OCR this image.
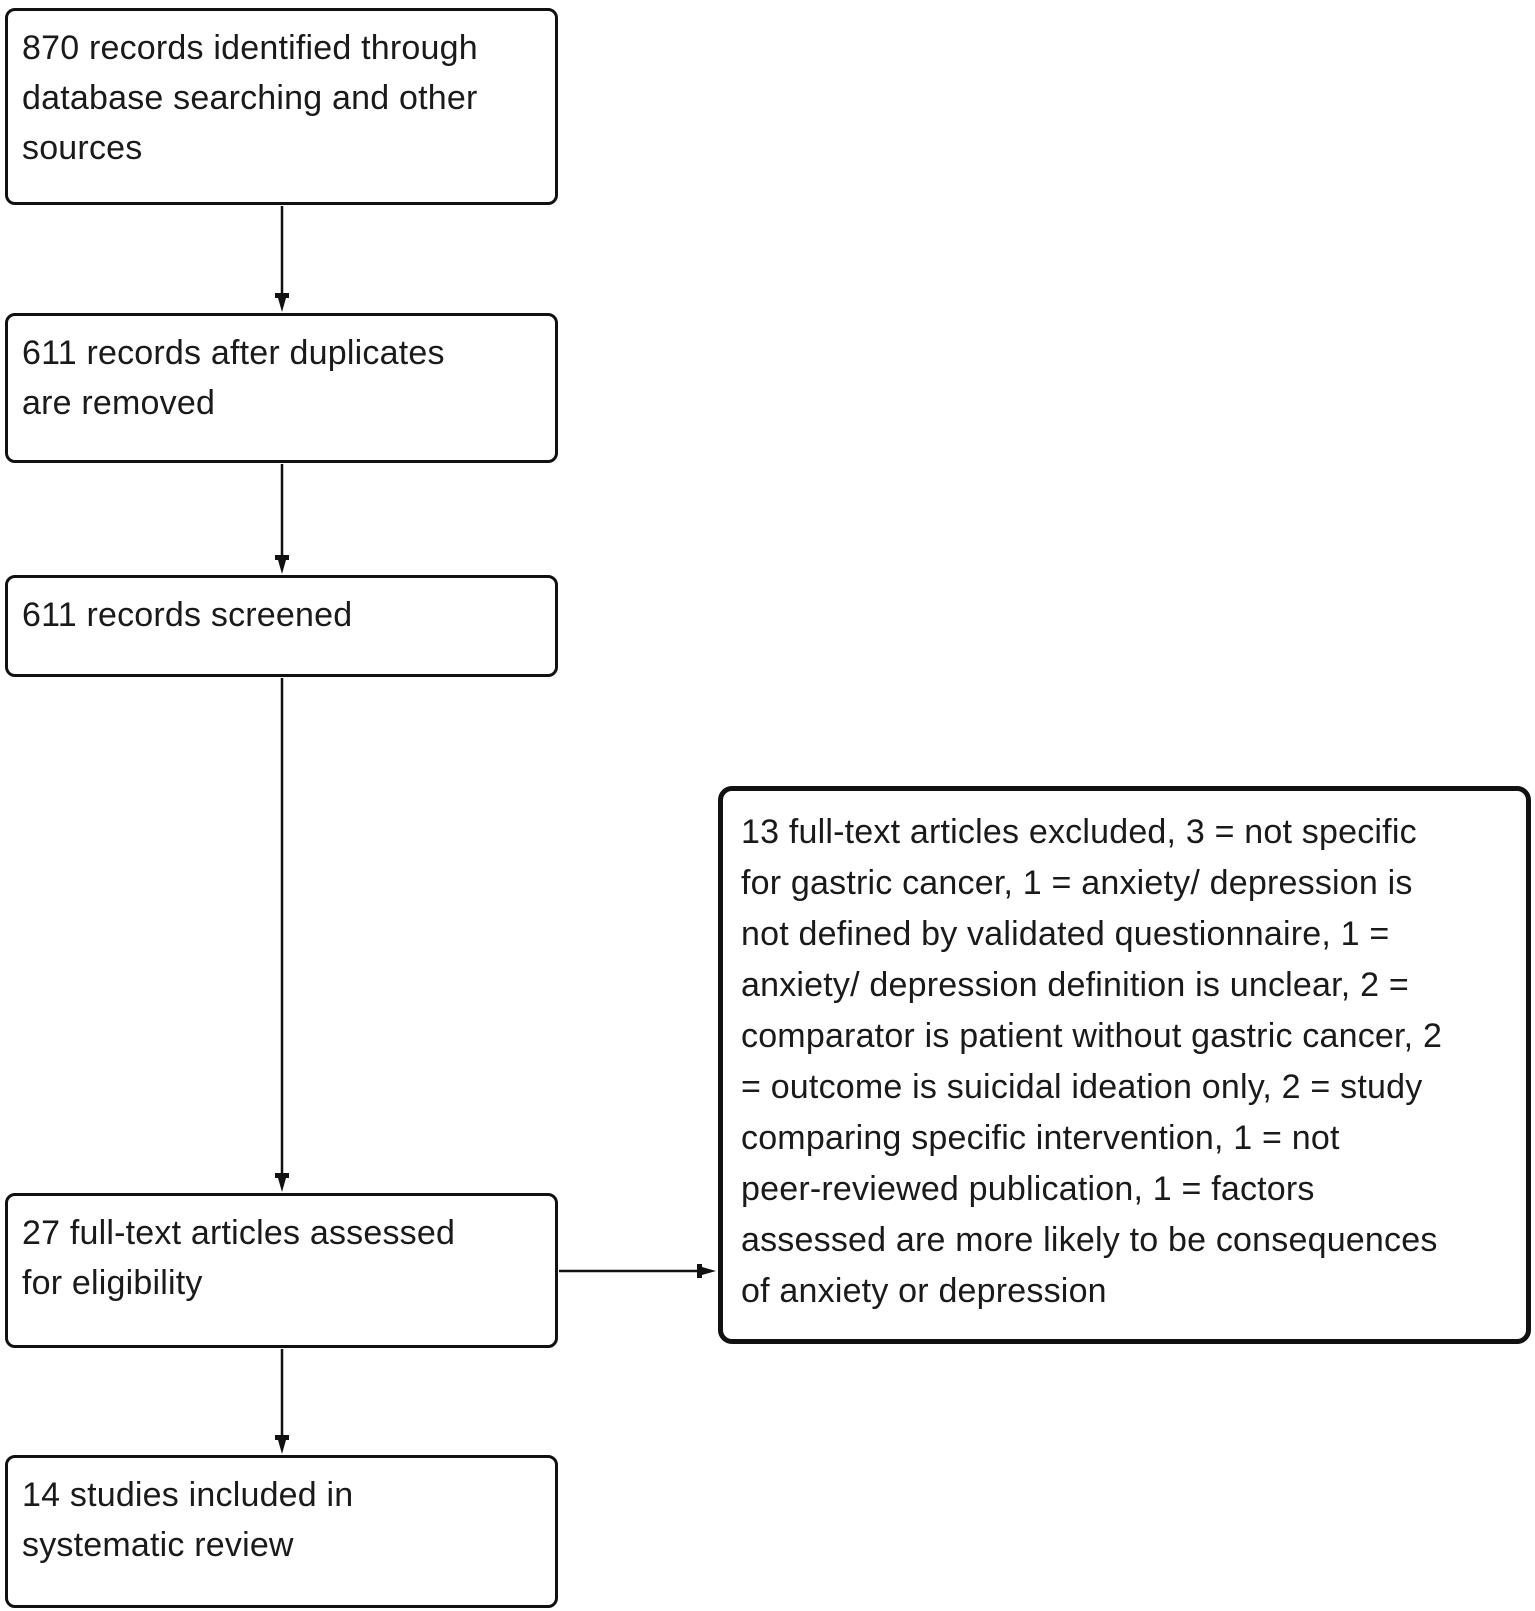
870 records identified through
database searching and other
sources
611 records after duplicates
are removed
611 records screened
27 full-text articles assessed
for eligibility
13 full-text articles excluded, 3 = not specific
for gastric cancer, 1 = anxiety/ depression is
not defined by validated questionnaire, 1 =
anxiety/ depression definition is unclear, 2 =
comparator is patient without gastric cancer, 2
= outcome is suicidal ideation only, 2 = study
comparing specific intervention, 1 = not
peer-reviewed publication, 1 = factors
assessed are more likely to be consequences
of anxiety or depression
14 studies included in
systematic review
